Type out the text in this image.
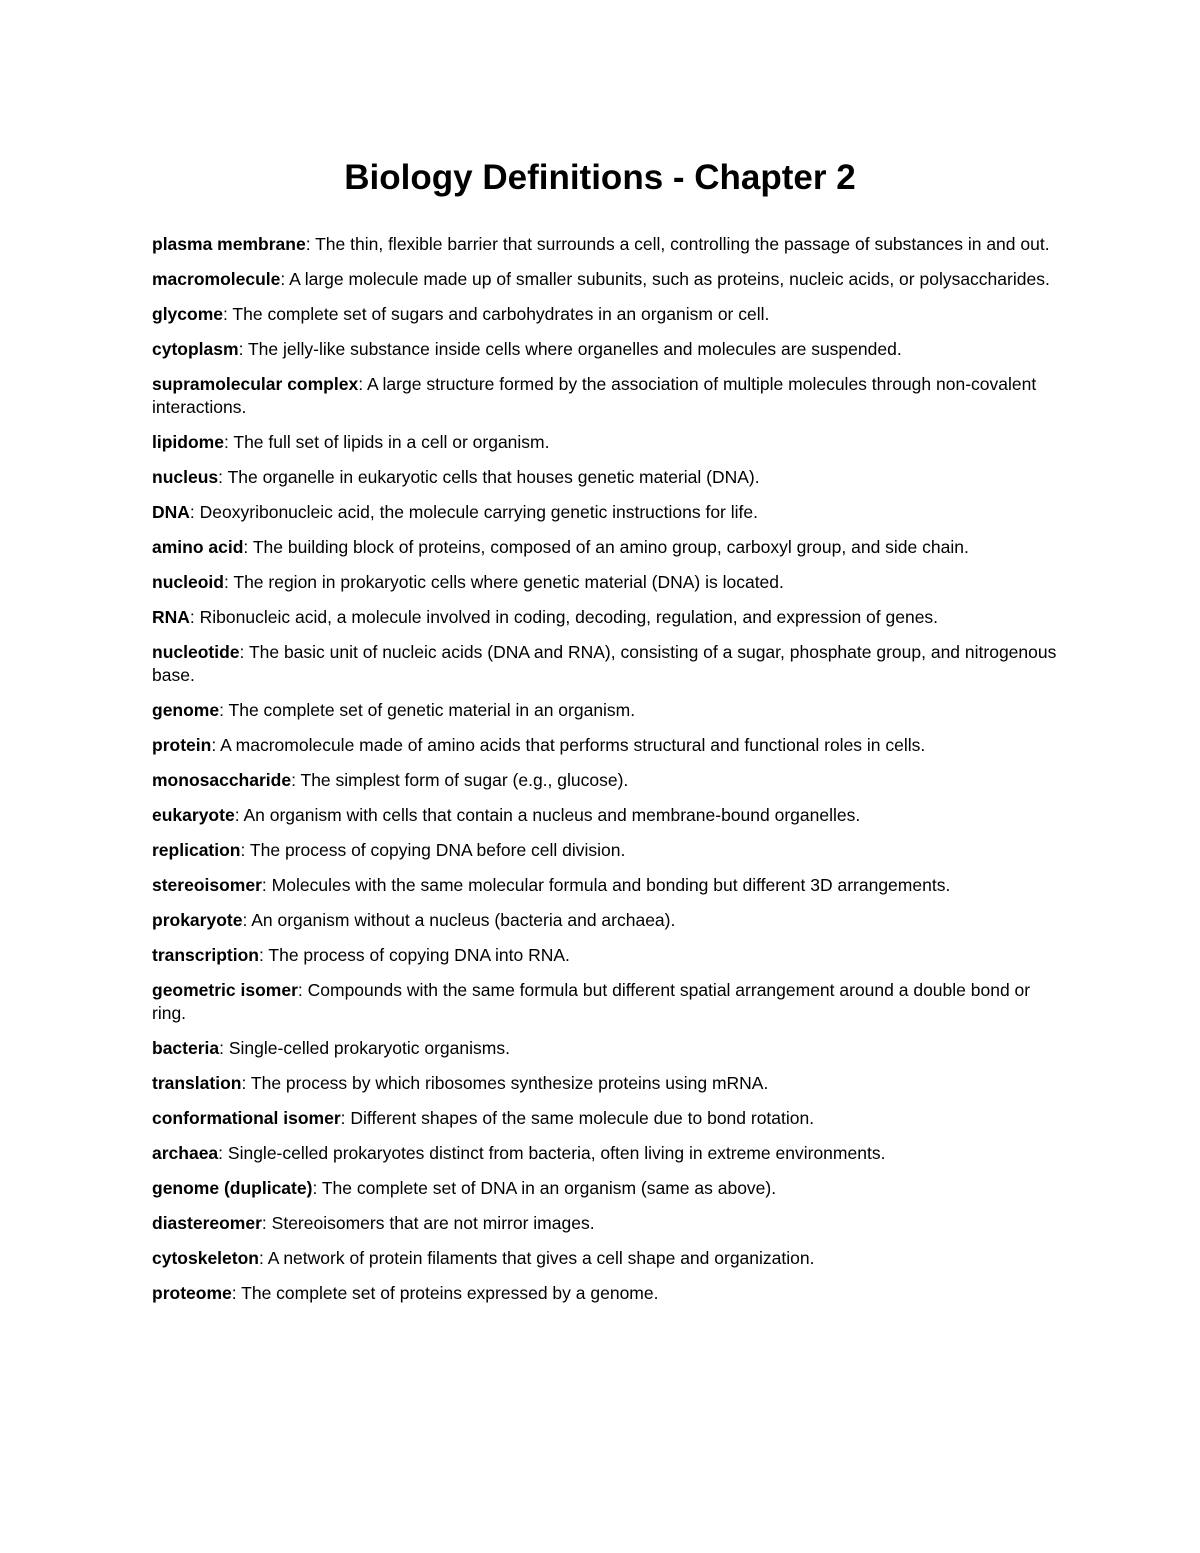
Biology Definitions - Chapter 2
plasma membrane: The thin, flexible barrier that surrounds a cell, controlling the passage of substances in and out.
macromolecule: A large molecule made up of smaller subunits, such as proteins, nucleic acids, or polysaccharides.
glycome: The complete set of sugars and carbohydrates in an organism or cell.
cytoplasm: The jelly-like substance inside cells where organelles and molecules are suspended.
supramolecular complex: A large structure formed by the association of multiple molecules through non-covalent interactions.
lipidome: The full set of lipids in a cell or organism.
nucleus: The organelle in eukaryotic cells that houses genetic material (DNA).
DNA: Deoxyribonucleic acid, the molecule carrying genetic instructions for life.
amino acid: The building block of proteins, composed of an amino group, carboxyl group, and side chain.
nucleoid: The region in prokaryotic cells where genetic material (DNA) is located.
RNA: Ribonucleic acid, a molecule involved in coding, decoding, regulation, and expression of genes.
nucleotide: The basic unit of nucleic acids (DNA and RNA), consisting of a sugar, phosphate group, and nitrogenous base.
genome: The complete set of genetic material in an organism.
protein: A macromolecule made of amino acids that performs structural and functional roles in cells.
monosaccharide: The simplest form of sugar (e.g., glucose).
eukaryote: An organism with cells that contain a nucleus and membrane-bound organelles.
replication: The process of copying DNA before cell division.
stereoisomer: Molecules with the same molecular formula and bonding but different 3D arrangements.
prokaryote: An organism without a nucleus (bacteria and archaea).
transcription: The process of copying DNA into RNA.
geometric isomer: Compounds with the same formula but different spatial arrangement around a double bond or ring.
bacteria: Single-celled prokaryotic organisms.
translation: The process by which ribosomes synthesize proteins using mRNA.
conformational isomer: Different shapes of the same molecule due to bond rotation.
archaea: Single-celled prokaryotes distinct from bacteria, often living in extreme environments.
genome (duplicate): The complete set of DNA in an organism (same as above).
diastereomer: Stereoisomers that are not mirror images.
cytoskeleton: A network of protein filaments that gives a cell shape and organization.
proteome: The complete set of proteins expressed by a genome.
